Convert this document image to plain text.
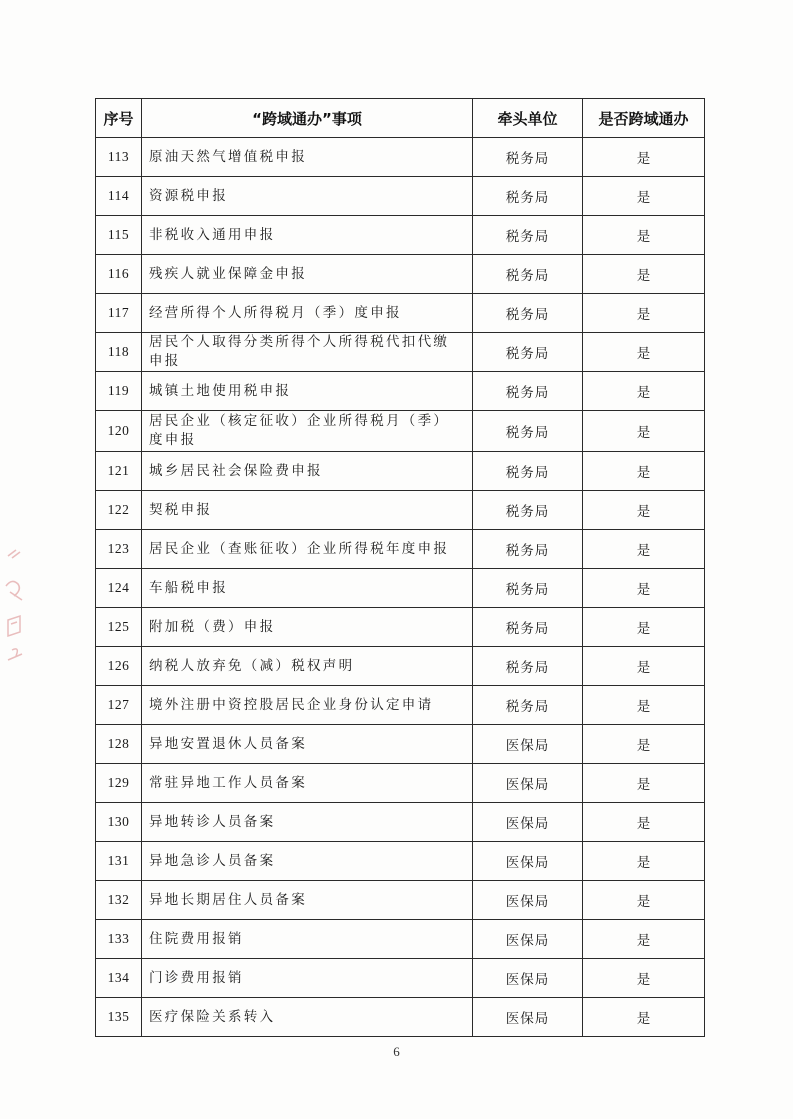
序号	“跨域通办”事项	牵头单位	是否跨域通办
113	原油天然气增值税申报	税务局	是
114	资源税申报	税务局	是
115	非税收入通用申报	税务局	是
116	残疾人就业保障金申报	税务局	是
117	经营所得个人所得税月（季）度申报	税务局	是
118	居民个人取得分类所得个人所得税代扣代缴申报	税务局	是
119	城镇土地使用税申报	税务局	是
120	居民企业（核定征收）企业所得税月（季）度申报	税务局	是
121	城乡居民社会保险费申报	税务局	是
122	契税申报	税务局	是
123	居民企业（查账征收）企业所得税年度申报	税务局	是
124	车船税申报	税务局	是
125	附加税（费）申报	税务局	是
126	纳税人放弃免（减）税权声明	税务局	是
127	境外注册中资控股居民企业身份认定申请	税务局	是
128	异地安置退休人员备案	医保局	是
129	常驻异地工作人员备案	医保局	是
130	异地转诊人员备案	医保局	是
131	异地急诊人员备案	医保局	是
132	异地长期居住人员备案	医保局	是
133	住院费用报销	医保局	是
134	门诊费用报销	医保局	是
135	医疗保险关系转入	医保局	是
6
